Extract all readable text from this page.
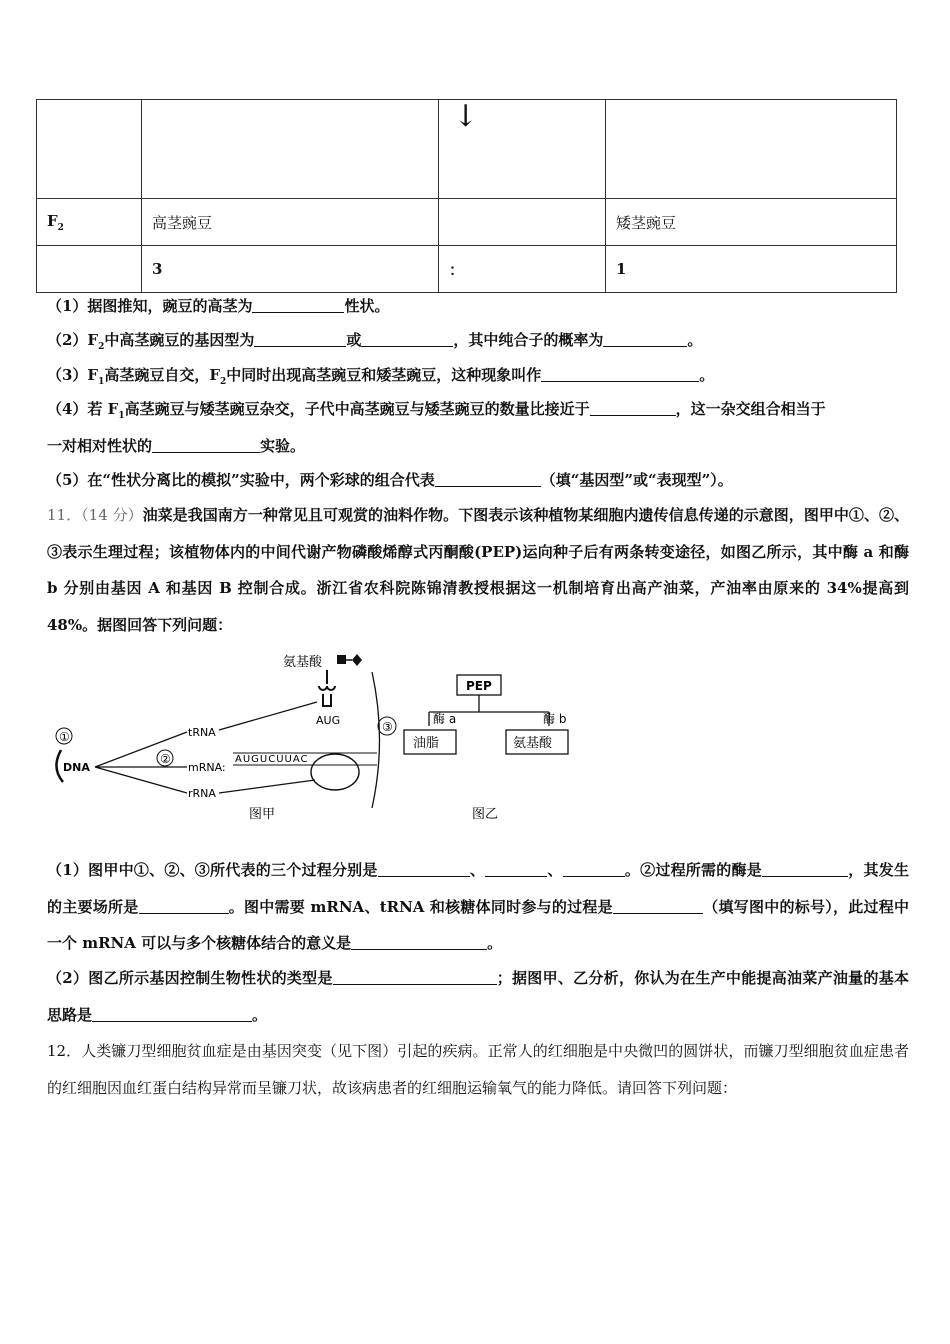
		↓	
$F_2$	高茎豌豆		矮茎豌豆
	3	：	1
（1）据图推知，豌豆的高茎为	性状。
$(2)F_2$中高茎豌豆的基因型为	或	，其中纯合子的概率为	。
$(3)F_1$高茎豌豆自交，$F_2$中同时出现高茎豌豆和矮茎豌豆，这种现象叫作	。
（4）若 $F_1$高茎豌豆与矮茎豌豆杂交，子代中高茎豌豆与矮茎豌豆的数量比接近于	，这一杂交组合相当于
一对相对性状的	实验。
（5）在“性状分离比的模拟”实验中，两个彩球的组合代表	（填“基因型”或“表现型”）。
11．（14 分）油菜是我国南方一种常见且可观赏的油料作物。下图表示该种植物某细胞内遗传信息传递的示意图，图甲中①、②、③表示生理过程；该植物体内的中间代谢产物磷酸烯醇式丙酮酸(PEP)运向种子后有两条转变途径，如图乙所示，其中酶 a 和酶 b 分别由基因 A 和基因 B 控制合成。浙江省农科院陈锦清教授根据这一机制培育出高产油菜，产油率由原来的 34%提高到 48%。据图回答下列问题：
氨基酸
AUG	③
①
DNA
②
tRNA
mRNA:
rRNA
AUGUCUUAC
图甲
PEP
酶 a	酶 b
油脂	氨基酸
图乙
（1）图甲中①、②、③所代表的三个过程分别是	、	、	。②过程所需的酶是	，其发生的主要场所是	。图中需要 mRNA、tRNA 和核糖体同时参与的过程是	（填写图中的标号），此过程中一个 mRNA 可以与多个核糖体结合的意义是	。
（2）图乙所示基因控制生物性状的类型是	；据图甲、乙分析，你认为在生产中能提高油菜产油量的基本思路是	。
12．人类镰刀型细胞贫血症是由基因突变（见下图）引起的疾病。正常人的红细胞是中央微凹的圆饼状，而镰刀型细胞贫血症患者的红细胞因血红蛋白结构异常而呈镰刀状，故该病患者的红细胞运输氧气的能力降低。请回答下列问题：
